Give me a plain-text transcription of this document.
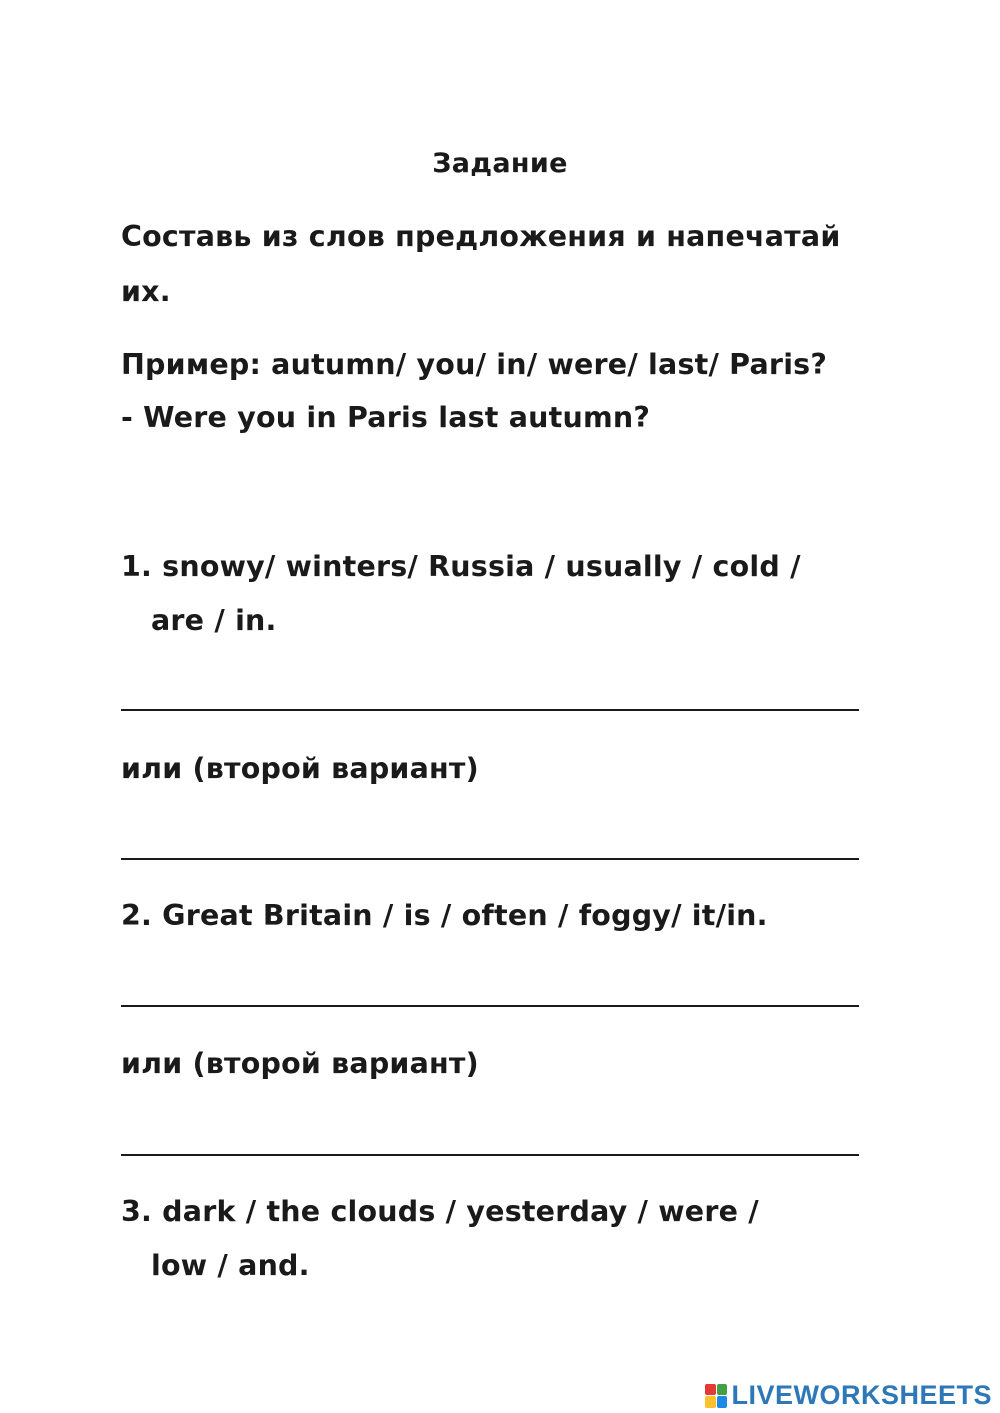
Задание
Составь из слов предложения и напечатай
их.
Пример: autumn/ you/ in/ were/ last/ Paris?
- Were you in Paris last autumn?
1. snowy/ winters/ Russia / usually / cold /
are / in.
или (второй вариант)
2. Great Britain / is / often / foggy/ it/in.
или (второй вариант)
3. dark / the clouds / yesterday / were /
low / and.
LIVEWORKSHEETS
